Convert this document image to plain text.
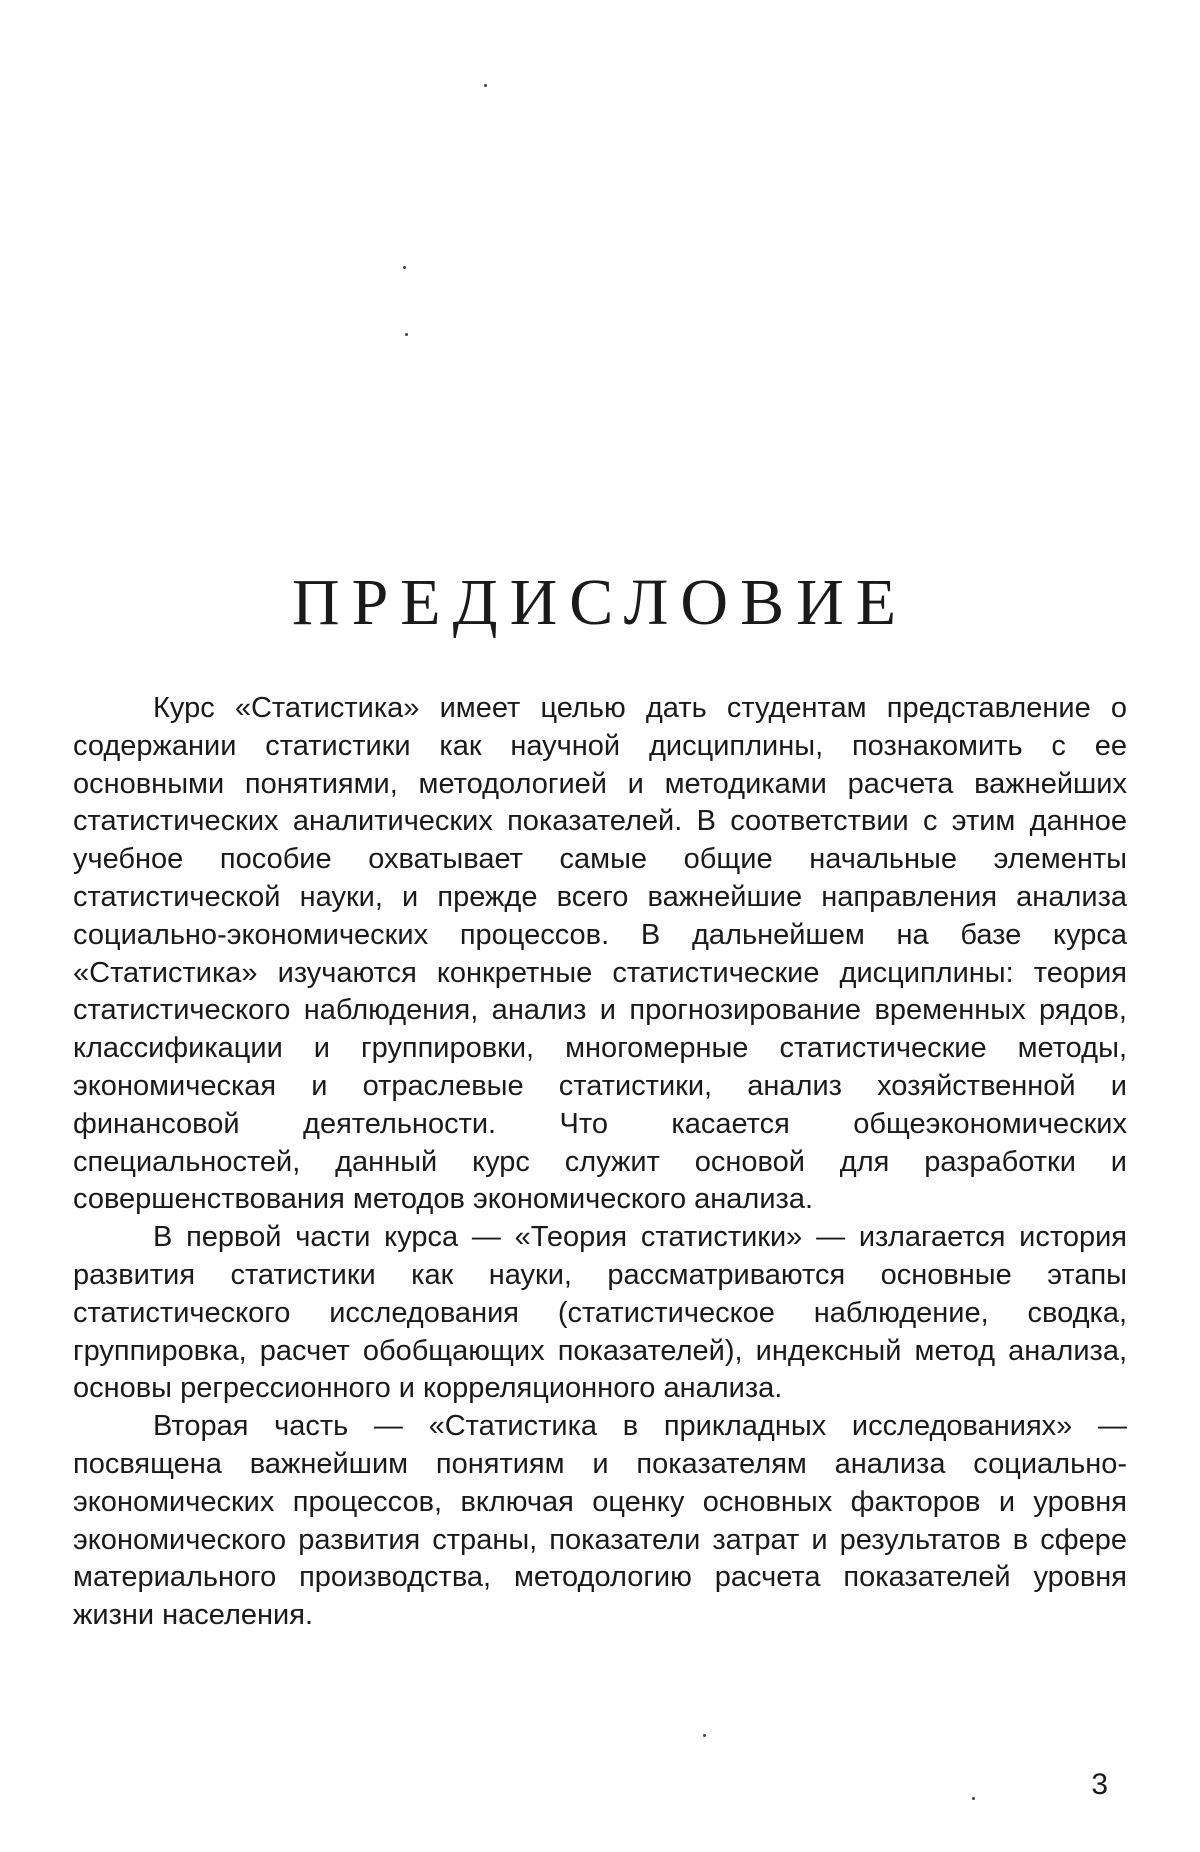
ПРЕДИСЛОВИЕ

Курс «Статистика» имеет целью дать студентам представление о содержании статистики как научной дисциплины, познакомить с ее основными понятиями, методологией и методиками расчета важнейших статистических аналитических показателей. В соответствии с этим данное учебное пособие охватывает самые общие начальные элементы статистической науки, и прежде всего важнейшие направления анализа социально-экономических процессов. В дальнейшем на базе курса «Статистика» изучаются конкретные статистические дисциплины: теория статистического наблюдения, анализ и прогнозирование временных рядов, классификации и группировки, многомерные статистические методы, экономическая и отраслевые статистики, анализ хозяйственной и финансовой деятельности. Что касается общеэкономических специальностей, данный курс служит основой для разработки и совершенствования методов экономического анализа.

В первой части курса — «Теория статистики» — излагается история развития статистики как науки, рассматриваются основные этапы статистического исследования (статистическое наблюдение, сводка, группировка, расчет обобщающих показателей), индексный метод анализа, основы регрессионного и корреляционного анализа.

Вторая часть — «Статистика в прикладных исследованиях» — посвящена важнейшим понятиям и показателям анализа социально-экономических процессов, включая оценку основных факторов и уровня экономического развития страны, показатели затрат и результатов в сфере материального производства, методологию расчета показателей уровня жизни населения.

3
